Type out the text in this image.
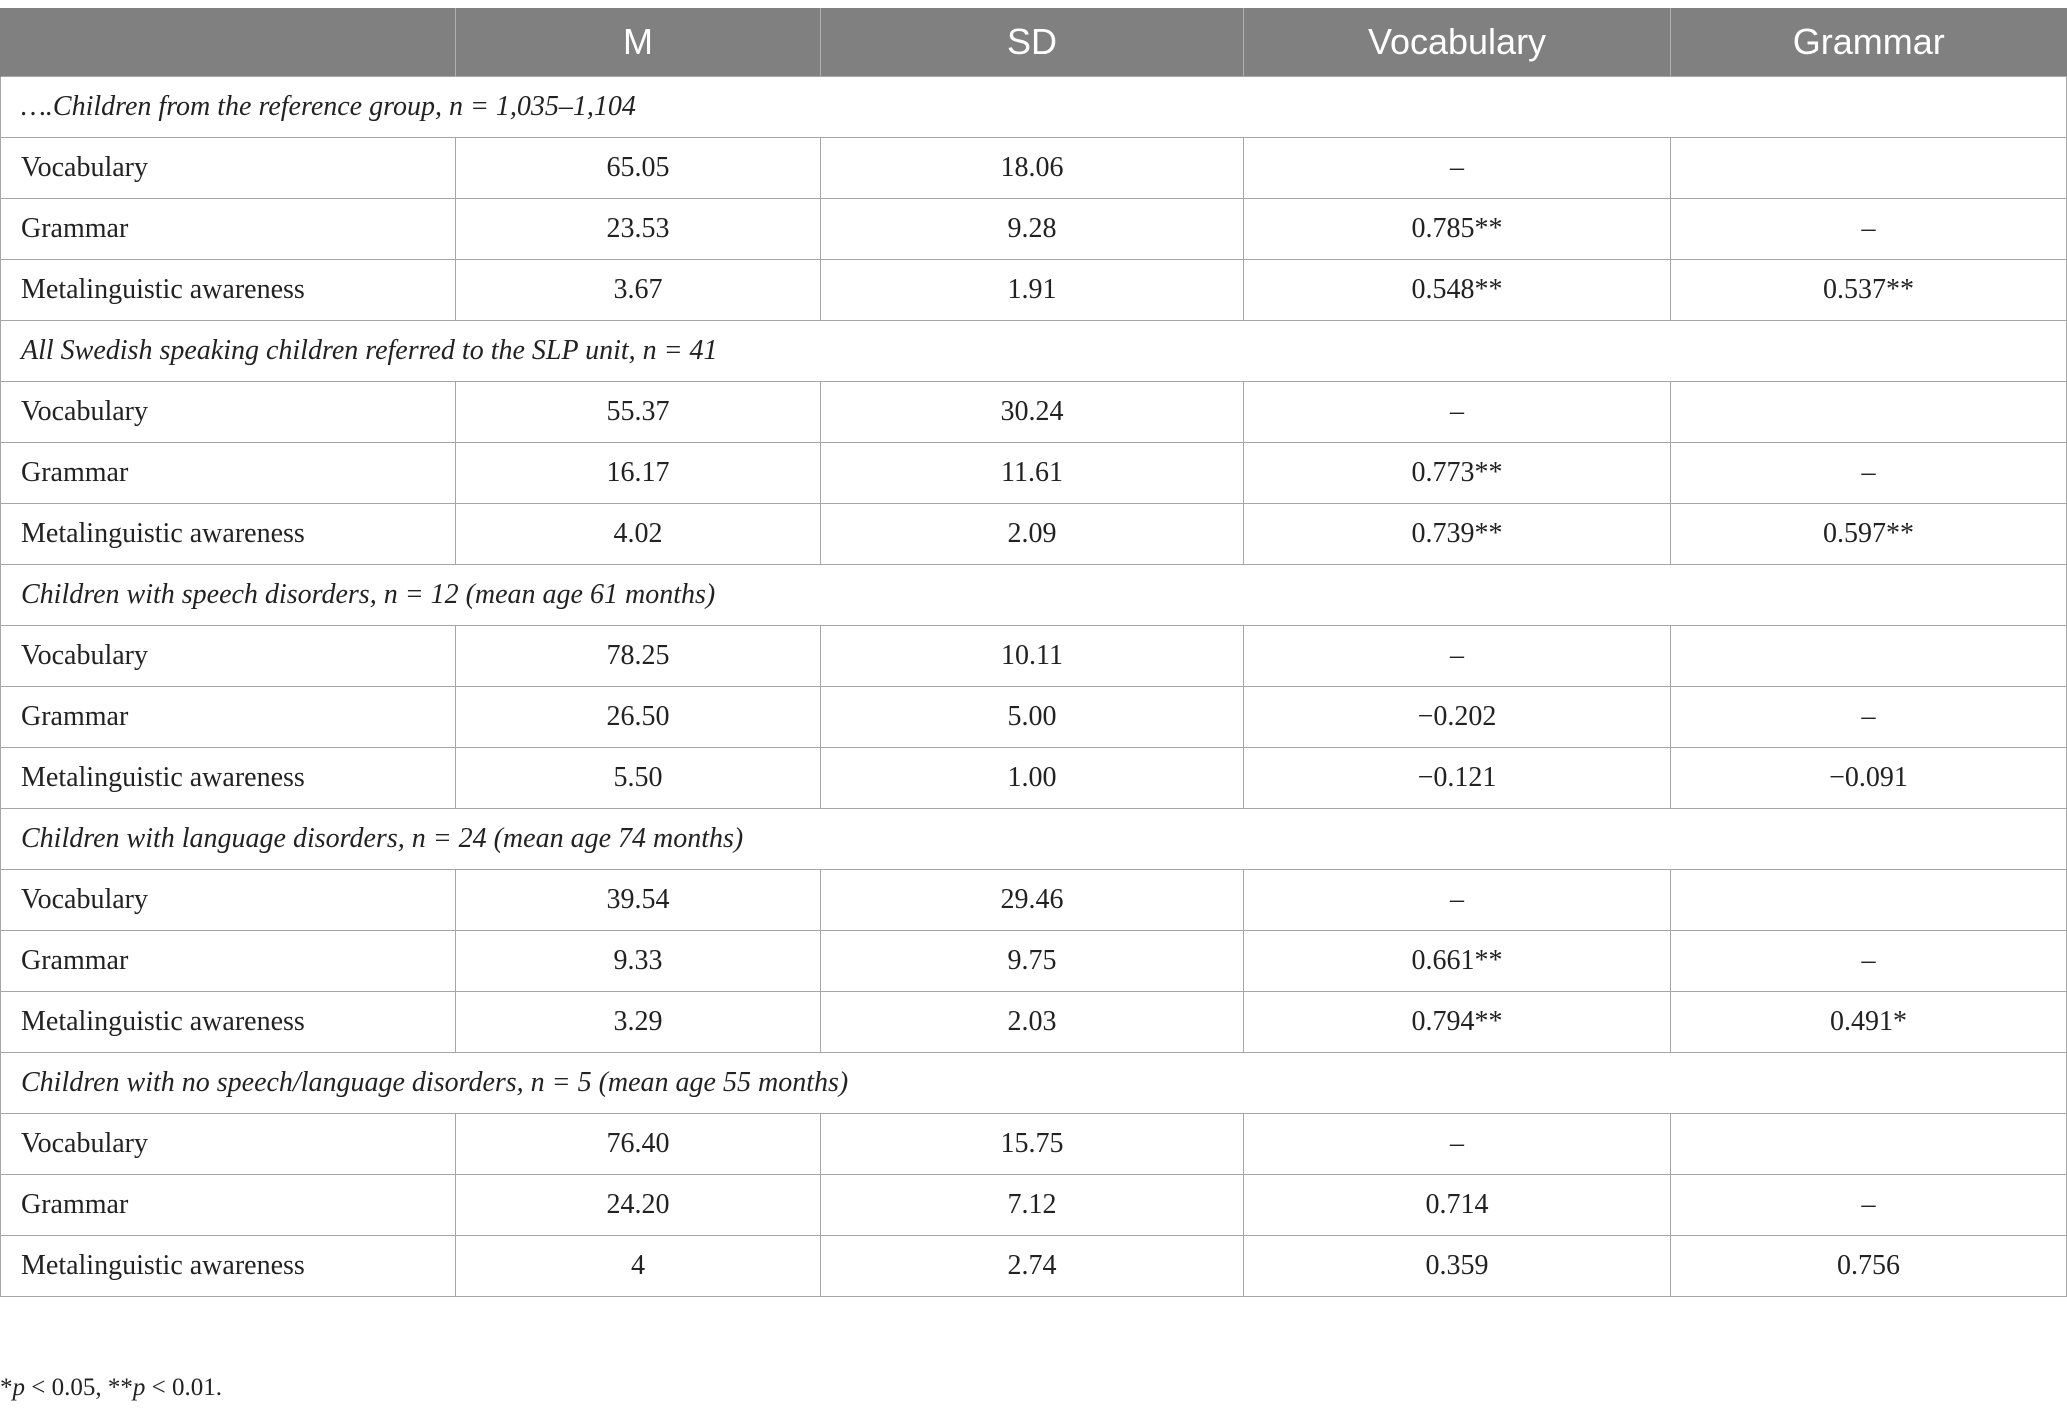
	M	SD	Vocabulary	Grammar
….Children from the reference group, n = 1,035–1,104				
Vocabulary	65.05	18.06	–	
Grammar	23.53	9.28	0.785**	–
Metalinguistic awareness	3.67	1.91	0.548**	0.537**
All Swedish speaking children referred to the SLP unit, n = 41				
Vocabulary	55.37	30.24	–	
Grammar	16.17	11.61	0.773**	–
Metalinguistic awareness	4.02	2.09	0.739**	0.597**
Children with speech disorders, n = 12 (mean age 61 months)				
Vocabulary	78.25	10.11	–	
Grammar	26.50	5.00	−0.202	–
Metalinguistic awareness	5.50	1.00	−0.121	−0.091
Children with language disorders, n = 24 (mean age 74 months)				
Vocabulary	39.54	29.46	–	
Grammar	9.33	9.75	0.661**	–
Metalinguistic awareness	3.29	2.03	0.794**	0.491*
Children with no speech/language disorders, n = 5 (mean age 55 months)				
Vocabulary	76.40	15.75	–	
Grammar	24.20	7.12	0.714	–
Metalinguistic awareness	4	2.74	0.359	0.756
*p < 0.05, **p < 0.01.
